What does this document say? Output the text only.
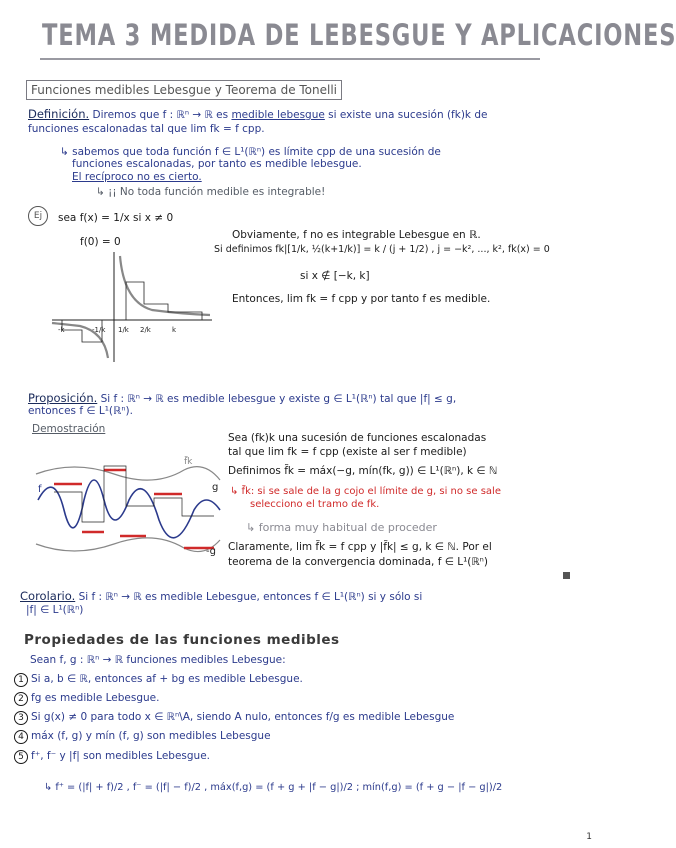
TEMA 3 MEDIDA DE LEBESGUE Y APLICACIONES
Funciones medibles Lebesgue y Teorema de Tonelli
Definición. Diremos que f : ℝⁿ → ℝ es medible lebesgue si existe una sucesión (fk)k de
funciones escalonadas tal que lim fk = f cpp.
↳ sabemos que toda función f ∈ L¹(ℝⁿ) es límite cpp de una sucesión de
funciones escalonadas, por tanto es medible lebesgue.
El recíproco no es cierto.
↳ ¡¡ No toda función medible es integrable!
Ej	sea f(x) = 1/x si x ≠ 0
f(0) = 0
Obviamente, f no es integrable Lebesgue en ℝ.
Si definimos fk|[1/k, ½(k+1/k)] = k / (j + 1/2) , j = −k², ..., k², fk(x) = 0
si x ∉ [−k, k]
Entonces, lim fk = f cpp y por tanto f es medible.
-k	-1/k 1/k 2/k	k
Proposición. Si f : ℝⁿ → ℝ es medible lebesgue y existe g ∈ L¹(ℝⁿ) tal que |f| ≤ g,
entonces f ∈ L¹(ℝⁿ).
Demostración
Sea (fk)k una sucesión de funciones escalonadas
tal que lim fk = f cpp (existe al ser f medible)
Definimos f̃k = máx(−g, mín(fk, g)) ∈ L¹(ℝⁿ), k ∈ ℕ
↳ f̃k: si se sale de la g cojo el límite de g, si no se sale
selecciono el tramo de fk.
↳ forma muy habitual de proceder
Claramente, lim f̃k = f cpp y |f̃k| ≤ g, k ∈ ℕ. Por el
teorema de la convergencia dominada, f ∈ L¹(ℝⁿ)
f̃k
f	g
-g
Corolario. Si f : ℝⁿ → ℝ es medible Lebesgue, entonces f ∈ L¹(ℝⁿ) si y sólo si
|f| ∈ L¹(ℝⁿ)
Propiedades de las funciones medibles
Sean f, g : ℝⁿ → ℝ funciones medibles Lebesgue:
1 Si a, b ∈ ℝ, entonces af + bg es medible Lebesgue.
2 fg es medible Lebesgue.
3 Si g(x) ≠ 0 para todo x ∈ ℝⁿ\A, siendo A nulo, entonces f/g es medible Lebesgue
4 máx (f, g) y mín (f, g) son medibles Lebesgue
5 f⁺, f⁻ y |f| son medibles Lebesgue.
↳ f⁺ = (|f| + f)/2 , f⁻ = (|f| − f)/2 , máx(f,g) = (f + g + |f − g|)/2 ; mín(f,g) = (f + g − |f − g|)/2
1
